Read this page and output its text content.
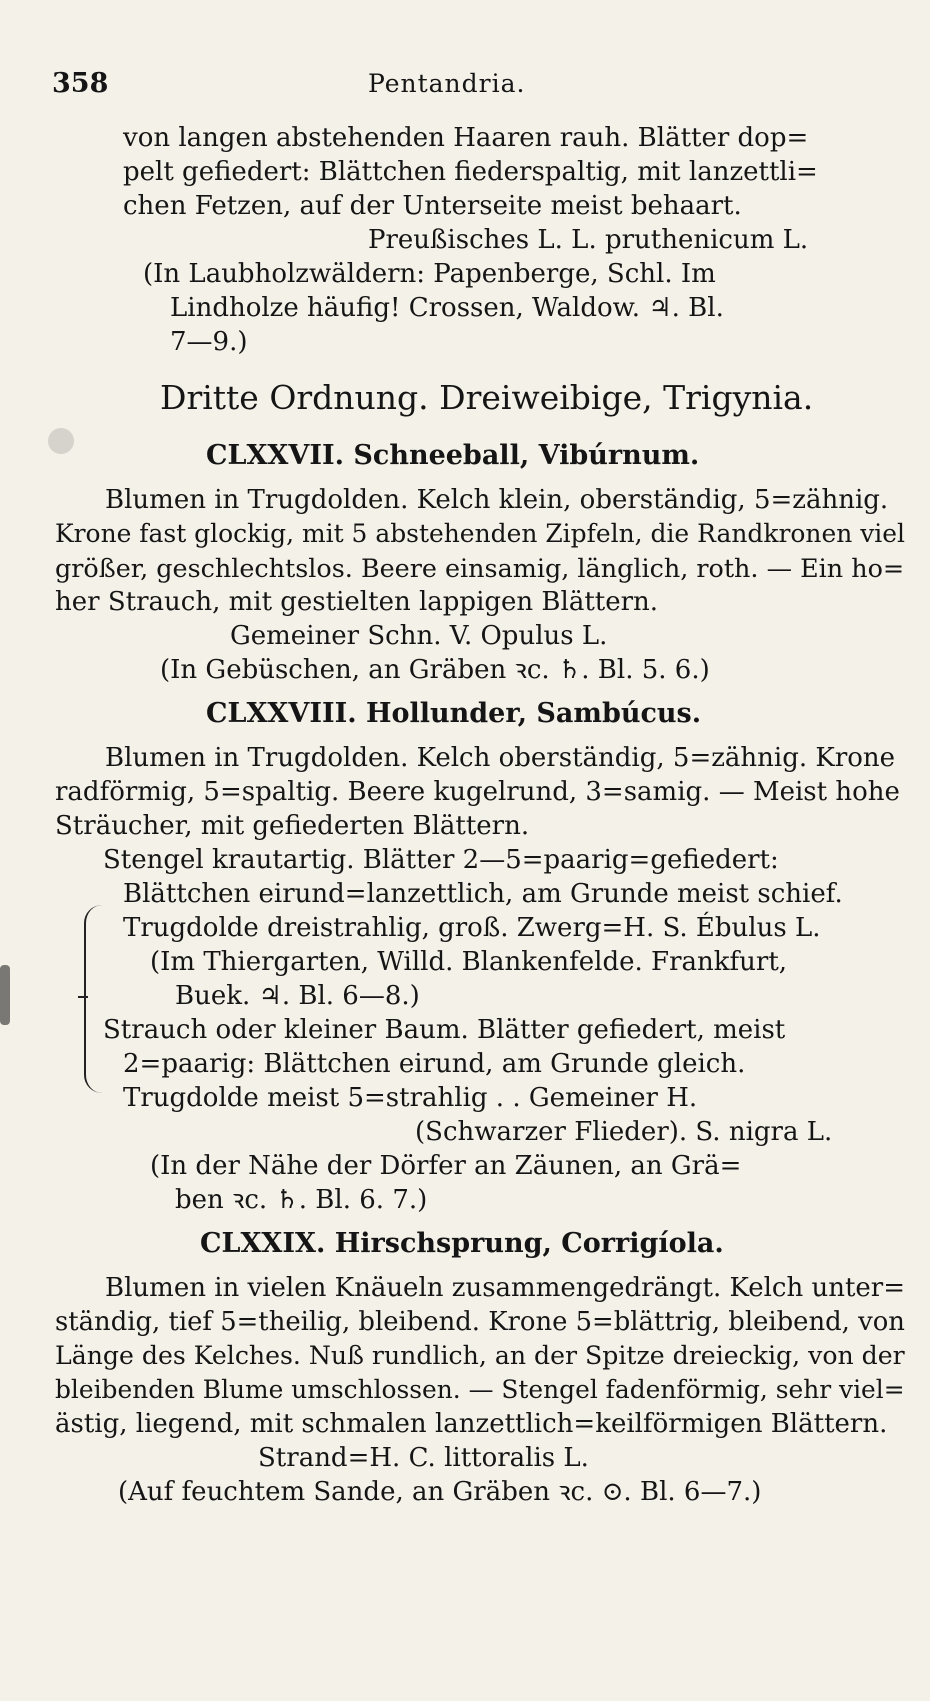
358	Pentandria.
von langen abstehenden Haaren rauh. Blätter dop=
pelt gefiedert: Blättchen fiederspaltig, mit lanzettli=
chen Fetzen, auf der Unterseite meist behaart.
Preußisches L. L. pruthenicum L.
(In Laubholzwäldern: Papenberge, Schl. Im
Lindholze häufig! Crossen, Waldow. ♃. Bl.
7—9.)
Dritte Ordnung. Dreiweibige, Trigynia.
CLXXVII. Schneeball, Vibúrnum.
Blumen in Trugdolden. Kelch klein, oberständig, 5=zähnig.
Krone fast glockig, mit 5 abstehenden Zipfeln, die Randkronen viel
größer, geschlechtslos. Beere einsamig, länglich, roth. — Ein ho=
her Strauch, mit gestielten lappigen Blättern.
Gemeiner Schn. V. Opulus L.
(In Gebüschen, an Gräben ꝛc. ♄. Bl. 5. 6.)
CLXXVIII. Hollunder, Sambúcus.
Blumen in Trugdolden. Kelch oberständig, 5=zähnig. Krone
radförmig, 5=spaltig. Beere kugelrund, 3=samig. — Meist hohe
Sträucher, mit gefiederten Blättern.
Stengel krautartig. Blätter 2—5=paarig=gefiedert:
Blättchen eirund=lanzettlich, am Grunde meist schief.
Trugdolde dreistrahlig, groß. Zwerg=H. S. Ébulus L.
(Im Thiergarten, Willd. Blankenfelde. Frankfurt,
Buek. ♃. Bl. 6—8.)
Strauch oder kleiner Baum. Blätter gefiedert, meist
2=paarig: Blättchen eirund, am Grunde gleich.
Trugdolde meist 5=strahlig . . Gemeiner H.
(Schwarzer Flieder). S. nigra L.
(In der Nähe der Dörfer an Zäunen, an Grä=
ben ꝛc. ♄. Bl. 6. 7.)
CLXXIX. Hirschsprung, Corrigíola.
Blumen in vielen Knäueln zusammengedrängt. Kelch unter=
ständig, tief 5=theilig, bleibend. Krone 5=blättrig, bleibend, von
Länge des Kelches. Nuß rundlich, an der Spitze dreieckig, von der
bleibenden Blume umschlossen. — Stengel fadenförmig, sehr viel=
ästig, liegend, mit schmalen lanzettlich=keilförmigen Blättern.
Strand=H. C. littoralis L.
(Auf feuchtem Sande, an Gräben ꝛc. ⊙. Bl. 6—7.)
